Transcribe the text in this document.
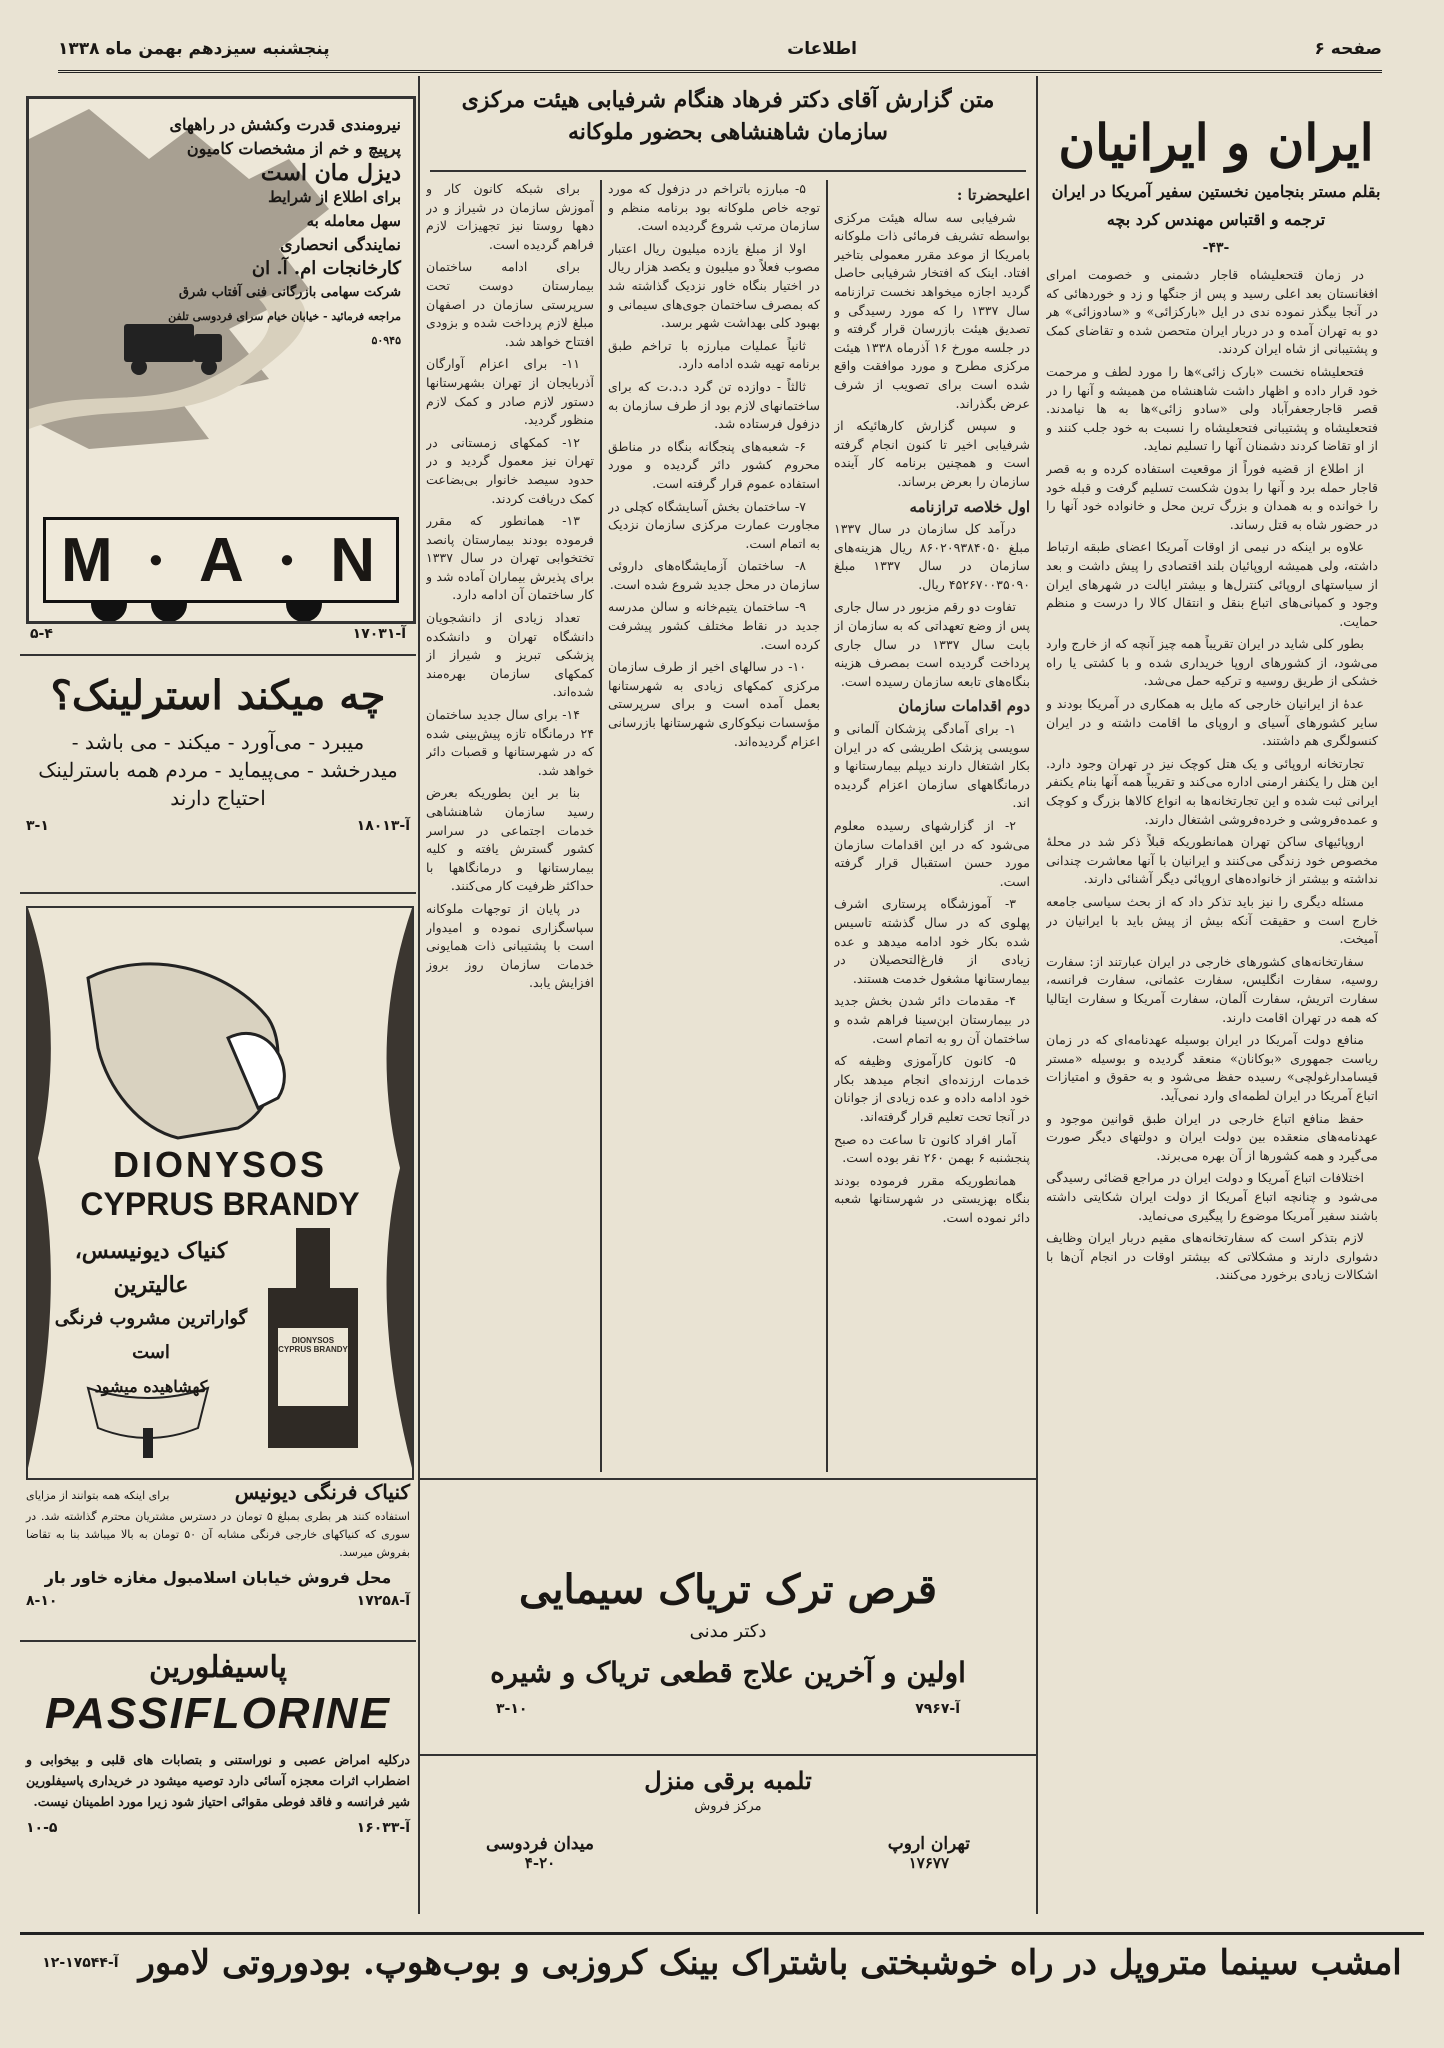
صفحه ۶
اطلاعات
پنجشنبه سیزدهم بهمن ماه ۱۳۳۸
ایران و ایرانیان
بقلم مستر بنجامین نخستین سفیر آمریکا در ایران
ترجمه و اقتباس مهندس کرد بچه
-۴۳-

در زمان قتحعلیشاه قاجار دشمنی و خصومت امرای افغانستان بعد اعلی رسید و پس از جنگها و زد و خوردهائی که در آنجا بیگذر نموده ندی در ایل «بارکزائی» و «سادوزائی» هر دو به تهران آمده و در دربار ایران متحصن شده و تقاضای کمک و پشتیبانی از شاه ایران کردند.

فتحعلیشاه نخست «بارک زائی»ها را مورد لطف و مرحمت خود قرار داده و اظهار داشت شاهنشاه من همیشه و آنها را در قصر قاجارجعفرآباد ولی «سادو زائی»ها به ها نیامدند. فتحعلیشاه و پشتیبانی فتحعلیشاه را نسبت به خود جلب کنند و از او تقاضا کردند دشمنان آنها را تسلیم نماید.

از اطلاع از قضیه فوراً از موقعیت استفاده کرده و به قصر قاجار حمله برد و آنها را بدون شکست تسلیم گرفت و قبله خود را خوانده و به همدان و بزرگ ترین محل و خانواده خود آنها را در حضور شاه به قتل رساند.

علاوه بر اینکه در نیمی از اوقات آمریکا اعضای طبقه ارتباط داشته، ولی همیشه اروپائیان بلند اقتصادی را پیش داشت و بعد از سیاستهای اروپائی کنترل‌ها و بیشتر ایالت در شهرهای ایران وجود و کمپانی‌های اتباع بنقل و انتقال کالا را درست و منظم حمایت.

بطور کلی شاید در ایران تقریباً همه چیز آنچه که از خارج وارد می‌شود، از کشورهای اروپا خریداری شده و با کشتی یا راه خشکی از طریق روسیه و ترکیه حمل می‌شد.

عدهٔ از ایرانیان خارجی که مایل به همکاری در آمریکا بودند و سایر کشورهای آسیای و اروپای ما اقامت داشته و در ایران کنسولگری هم داشتند.

تجارتخانه اروپائی و یک هتل کوچک نیز در تهران وجود دارد. این هتل را یکنفر ارمنی اداره می‌کند و تقریباً همه آنها بنام یکنفر ایرانی ثبت شده و این تجارتخانه‌ها به انواع کالاها بزرگ و کوچک و عمده‌فروشی و خرده‌فروشی اشتغال دارند.

اروپائیهای ساکن تهران همانطوریکه قبلاً ذکر شد در محلهٔ مخصوص خود زندگی می‌کنند و ایرانیان با آنها معاشرت چندانی نداشته و بیشتر از خانواده‌های اروپائی دیگر آشنائی دارند.

مسئله دیگری را نیز باید تذکر داد که از بحث سیاسی جامعه خارج است و حقیقت آنکه بیش از پیش باید با ایرانیان در آمیخت.

سفارتخانه‌های کشورهای خارجی در ایران عبارتند از: سفارت روسیه، سفارت انگلیس، سفارت عثمانی، سفارت فرانسه، سفارت اتریش، سفارت آلمان، سفارت آمریکا و سفارت ایتالیا که همه در تهران اقامت دارند.

منافع دولت آمریکا در ایران بوسیله عهدنامه‌ای که در زمان ریاست جمهوری «بوکانان» منعقد گردیده و بوسیله «مستر قیسامدارغولچی» رسیده حفظ می‌شود و به حقوق و امتیازات اتباع آمریکا در ایران لطمه‌ای وارد نمی‌آید.

حفظ منافع اتباع خارجی در ایران طبق قوانین موجود و عهدنامه‌های منعقده بین دولت ایران و دولتهای دیگر صورت می‌گیرد و همه کشورها از آن بهره می‌برند.

اختلافات اتباع آمریکا و دولت ایران در مراجع قضائی رسیدگی می‌شود و چنانچه اتباع آمریکا از دولت ایران شکایتی داشته باشند سفیر آمریکا موضوع را پیگیری می‌نماید.

لازم بتذکر است که سفارتخانه‌های مقیم دربار ایران وظایف دشواری دارند و مشکلاتی که بیشتر اوقات در انجام آن‌ها با اشکالات زیادی برخورد می‌کنند.

متن گزارش آقای دکتر فرهاد هنگام شرفیابی هیئت مرکزی سازمان شاهنشاهی بحضور ملوکانه
اعلیحضرتا :

شرفیابی سه ساله هیئت مرکزی بواسطه تشریف فرمائی ذات ملوکانه بامریکا از موعد مقرر معمولی بتاخیر افتاد. اینک که افتخار شرفیابی حاصل گردید اجازه میخواهد نخست ترازنامه سال ۱۳۳۷ را که مورد رسیدگی و تصدیق هیئت بازرسان قرار گرفته و در جلسه مورخ ۱۶ آذرماه ۱۳۳۸ هیئت مرکزی مطرح و مورد موافقت واقع شده است برای تصویب از شرف عرض بگذراند.

و سپس گزارش کارهائیکه از شرفیابی اخیر تا کنون انجام گرفته است و همچنین برنامه کار آینده سازمان را بعرض برساند.

اول خلاصه ترازنامه

درآمد کل سازمان در سال ۱۳۳۷ مبلغ ۸۶۰۲۰۹۳۸۴۰۵۰ ریال هزینه‌های سازمان در سال ۱۳۳۷ مبلغ ۴۵۲۶۷۰۰۳۵۰۹۰ ریال.

تفاوت دو رقم مزبور در سال جاری پس از وضع تعهداتی که به سازمان از بابت سال ۱۳۳۷ در سال جاری پرداخت گردیده است بمصرف هزینه بنگاه‌های تابعه سازمان رسیده است.

دوم اقدامات سازمان

۱- برای آمادگی پزشکان آلمانی و سویسی پزشک اطریشی که در ایران بکار اشتغال دارند دیپلم بیمارستانها و درمانگاههای سازمان اعزام گردیده اند.

۲- از گزارشهای رسیده معلوم می‌شود که در این اقدامات سازمان مورد حسن استقبال قرار گرفته است.

۳- آموزشگاه پرستاری اشرف پهلوی که در سال گذشته تاسیس شده بکار خود ادامه میدهد و عده زیادی از فارغ‌التحصیلان در بیمارستانها مشغول خدمت هستند.

۴- مقدمات دائر شدن بخش جدید در بیمارستان ابن‌سینا فراهم شده و ساختمان آن رو به اتمام است.

۵- کانون کارآموزی وظیفه که خدمات ارزنده‌ای انجام میدهد بکار خود ادامه داده و عده زیادی از جوانان در آنجا تحت تعلیم قرار گرفته‌اند.

آمار افراد کانون تا ساعت ده صبح پنجشنبه ۶ بهمن ۲۶۰ نفر بوده است.

همانطوریکه مقرر فرموده بودند بنگاه بهزیستی در شهرستانها شعبه دائر نموده است.

۵- مبارزه باتراخم در دزفول که مورد توجه خاص ملوکانه بود برنامه منظم و سازمان مرتب شروع گردیده است.

اولا از مبلغ یازده میلیون ریال اعتبار مصوب فعلاً دو میلیون و یکصد هزار ریال در اختیار بنگاه خاور نزدیک گذاشته شد که بمصرف ساختمان جوی‌های سیمانی و بهبود کلی بهداشت شهر برسد.

ثانیاً عملیات مبارزه با تراخم طبق برنامه تهیه شده ادامه دارد.

ثالثاً - دوازده تن گرد د.د.ت که برای ساختمانهای لازم بود از طرف سازمان به دزفول فرستاده شد.

۶- شعبه‌های پنجگانه بنگاه در مناطق محروم کشور دائر گردیده و مورد استفاده عموم قرار گرفته است.

۷- ساختمان بخش آسایشگاه کچلی در مجاورت عمارت مرکزی سازمان نزدیک به اتمام است.

۸- ساختمان آزمایشگاه‌های داروئی سازمان در محل جدید شروع شده است.

۹- ساختمان یتیم‌خانه و سالن مدرسه جدید در نقاط مختلف کشور پیشرفت کرده است.

۱۰- در سالهای اخیر از طرف سازمان مرکزی کمکهای زیادی به شهرستانها بعمل آمده است و برای سرپرستی مؤسسات نیکوکاری شهرستانها بازرسانی اعزام گردیده‌اند.

برای شبکه کانون کار و آموزش سازمان در شیراز و در دهها روستا نیز تجهیزات لازم فراهم گردیده است.

برای ادامه ساختمان بیمارستان دوست تحت سرپرستی سازمان در اصفهان مبلغ لازم پرداخت شده و بزودی افتتاح خواهد شد.

۱۱- برای اعزام آوارگان آذربایجان از تهران بشهرستانها دستور لازم صادر و کمک لازم منظور گردید.

۱۲- کمکهای زمستانی در تهران نیز معمول گردید و در حدود سیصد خانوار بی‌بضاعت کمک دریافت کردند.

۱۳- همانطور که مقرر فرموده بودند بیمارستان پانصد تختخوابی تهران در سال ۱۳۳۷ برای پذیرش بیماران آماده شد و کار ساختمان آن ادامه دارد.

تعداد زیادی از دانشجویان دانشگاه تهران و دانشکده پزشکی تبریز و شیراز از کمکهای سازمان بهره‌مند شده‌اند.

۱۴- برای سال جدید ساختمان ۲۴ درمانگاه تازه پیش‌بینی شده که در شهرستانها و قصبات دائر خواهد شد.

بنا بر این بطوریکه بعرض رسید سازمان شاهنشاهی خدمات اجتماعی در سراسر کشور گسترش یافته و کلیه بیمارستانها و درمانگاهها با حداکثر ظرفیت کار می‌کنند.

در پایان از توجهات ملوکانه سپاسگزاری نموده و امیدوار است با پشتیبانی ذات همایونی خدمات سازمان روز بروز افزایش یابد.

قرص ترک تریاک سیمایی
دکتر مدنی
اولین و آخرین علاج قطعی تریاک و شیره
آ-۷۹۶۷
۳-۱۰
تلمبه برقی منزل
مرکز فروش
تهران اروپ
۱۷۶۷۷
میدان فردوسی
۴-۲۰
نیرومندی قدرت وکشش در راههای
پرپیچ و خم از مشخصات کامیون
دیزل مان است
برای اطلاع از شرایط
سهل معامله به
نمایندگی انحصاری
کارخانجات ام. آ. ان
شرکت سهامی بازرگانی فنی آفتاب شرق
مراجعه فرمائید - خیابان خیام سرای فردوسی تلفن ۵۰۹۴۵
M ● A ● N
آ-۱۷۰۳۱
۵-۴
چه میکند استرلینک؟
میبرد - می‌آورد - میکند - می باشد -
میدرخشد - می‌پیماید - مردم همه باسترلینک
احتیاج دارند
آ-۱۸۰۱۳
۳-۱
DIONYSOS
CYPRUS BRANDY
کنیاک دیونیسس، عالیترین
گواراترین مشروب فرنگی است
کهشاهیده میشود
DIONYSOS
CYPRUS BRANDY
کنیاک فرنگی دیونیس
برای اینکه همه بتوانند از مزایای
استفاده کنند هر بطری بمبلغ ۵ تومان در دسترس مشتریان محترم گذاشته شد. در سوری که کنیاکهای خارجی فرنگی مشابه آن ۵۰ تومان به بالا میباشد بنا به تقاضا بفروش میرسد.
محل فروش خیابان اسلامبول مغازه خاور بار
آ-۱۷۲۵۸
۸-۱۰
پاسیفلورین
PASSIFLORINE
درکلیه امراض عصبی و نوراستنی و بتصابات های قلبی و بیخوابی و اضطراب اثرات معجزه آسائی دارد توصیه میشود در خریداری پاسیفلورین شیر فرانسه و فاقد فوطی مقوائی احتیاز شود زیرا مورد اطمینان نیست.
آ-۱۶۰۳۳
۱۰-۵
امشب سینما متروپل در راه خوشبختی باشتراک بینک کروزبی و بوب‌هوپ. بودوروتی لامور
آ-۱۷۵۴۴-۱۲
